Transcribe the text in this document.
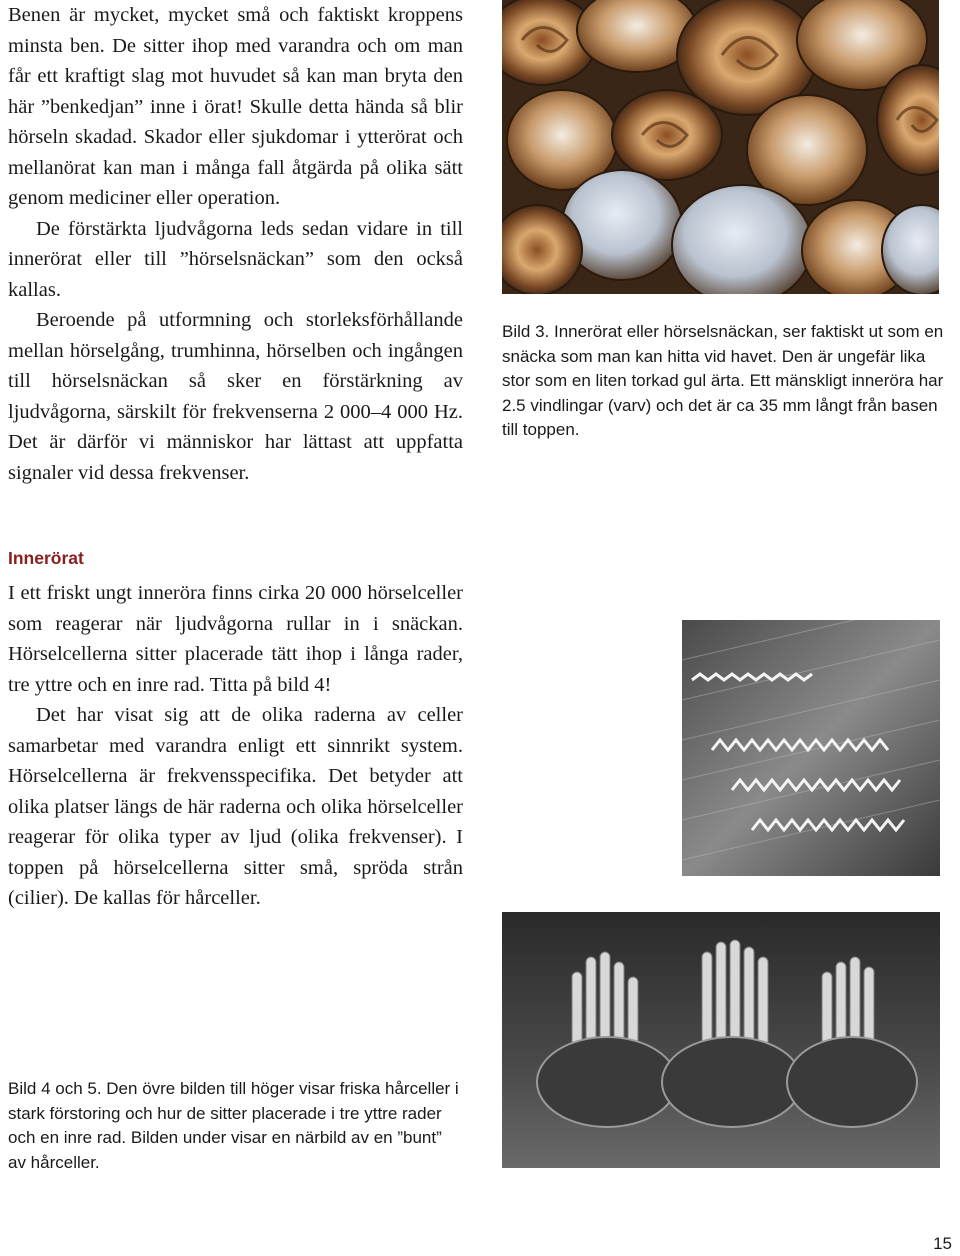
Benen är mycket, mycket små och faktiskt kroppens minsta ben. De sitter ihop med varandra och om man får ett kraftigt slag mot huvudet så kan man bryta den här ”benkedjan” inne i örat! Skulle detta hända så blir hörseln skadad. Skador eller sjukdomar i ytterörat och mellanörat kan man i många fall åtgärda på olika sätt genom mediciner eller operation.

De förstärkta ljudvågorna leds sedan vidare in till innerörat eller till ”hörselsnäckan” som den också kallas.

Beroende på utformning och storleksförhållande mellan hörselgång, trumhinna, hörselben och ingången till hörselsnäckan så sker en förstärkning av ljudvågorna, särskilt för frekvenserna 2 000–4 000 Hz. Det är därför vi människor har lättast att uppfatta signaler vid dessa frekvenser.

Bild 3. Innerörat eller hörselsnäckan, ser faktiskt ut som en snäcka som man kan hitta vid havet. Den är ungefär lika stor som en liten torkad gul ärta. Ett mänskligt inneröra har 2.5 vindlingar (varv) och det är ca 35 mm långt från basen till toppen.

Innerörat

I ett friskt ungt inneröra finns cirka 20 000 hörselceller som reagerar när ljudvågorna rullar in i snäckan. Hörselcellerna sitter placerade tätt ihop i långa rader, tre yttre och en inre rad. Titta på bild 4!

Det har visat sig att de olika raderna av celler samarbetar med varandra enligt ett sinnrikt system. Hörselcellerna är frekvensspecifika. Det betyder att olika platser längs de här raderna och olika hörselceller reagerar för olika typer av ljud (olika frekvenser). I toppen på hörselcellerna sitter små, spröda strån (cilier). De kallas för hårceller.

Bild 4 och 5. Den övre bilden till höger visar friska hårceller i stark förstoring och hur de sitter placerade i tre yttre rader och en inre rad. Bilden under visar en närbild av en ”bunt” av hårceller.

15
